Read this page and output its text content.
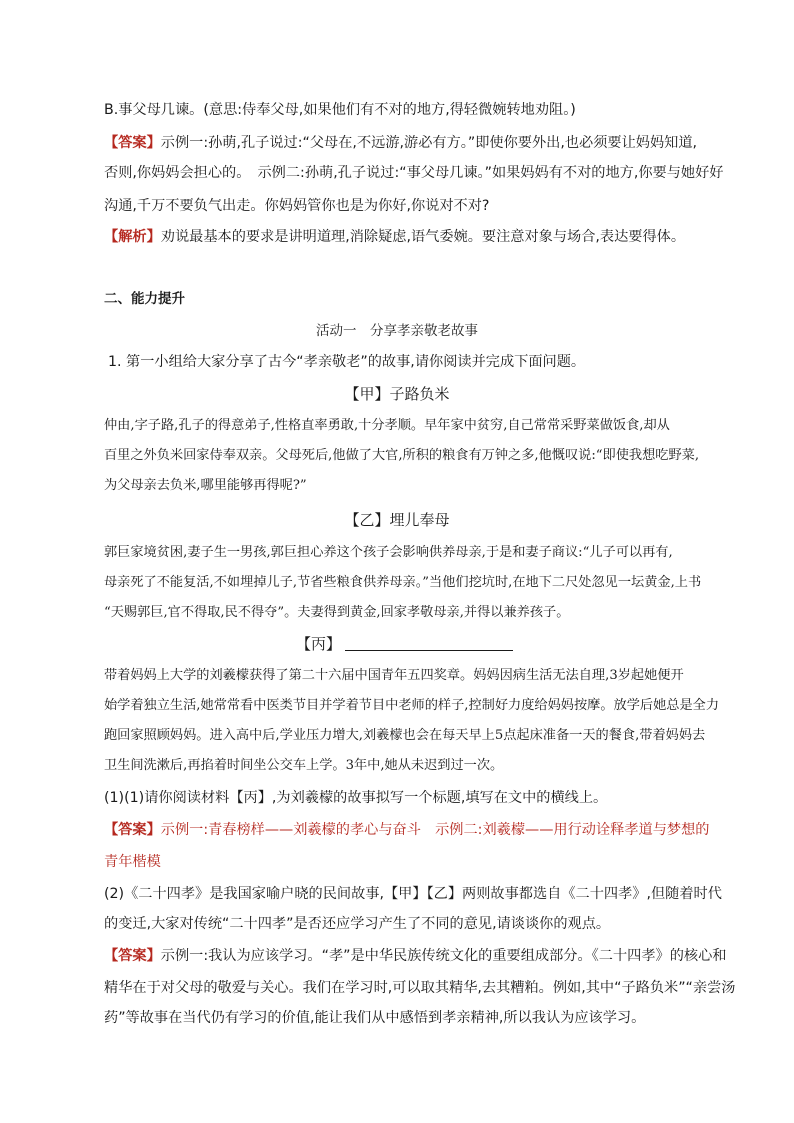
B.事父母几谏。(意思:侍奉父母,如果他们有不对的地方,得轻微婉转地劝阻。)
【答案】示例一:孙萌,孔子说过:“父母在,不远游,游必有方。”即使你要外出,也必须要让妈妈知道,
否则,你妈妈会担心的。　示例二:孙萌,孔子说过:“事父母几谏。”如果妈妈有不对的地方,你要与她好好
沟通,千万不要负气出走。你妈妈管你也是为你好,你说对不对?
【解析】劝说最基本的要求是讲明道理,消除疑虑,语气委婉。要注意对象与场合,表达要得体。
二、能力提升
活动一　分享孝亲敬老故事
1. 第一小组给大家分享了古今“孝亲敬老”的故事,请你阅读并完成下面问题。
【甲】子路负米
仲由,字子路,孔子的得意弟子,性格直率勇敢,十分孝顺。早年家中贫穷,自己常常采野菜做饭食,却从
百里之外负米回家侍奉双亲。父母死后,他做了大官,所积的粮食有万钟之多,他慨叹说:“即使我想吃野菜,
为父母亲去负米,哪里能够再得呢?”
【乙】埋儿奉母
郭巨家境贫困,妻子生一男孩,郭巨担心养这个孩子会影响供养母亲,于是和妻子商议:“儿子可以再有,
母亲死了不能复活,不如埋掉儿子,节省些粮食供养母亲。”当他们挖坑时,在地下二尺处忽见一坛黄金,上书
“天赐郭巨,官不得取,民不得夺”。夫妻得到黄金,回家孝敬母亲,并得以兼养孩子。
【丙】
带着妈妈上大学的刘羲檬获得了第二十六届中国青年五四奖章。妈妈因病生活无法自理,3岁起她便开
始学着独立生活,她常常看中医类节目并学着节目中老师的样子,控制好力度给妈妈按摩。放学后她总是全力
跑回家照顾妈妈。进入高中后,学业压力增大,刘羲檬也会在每天早上5点起床准备一天的餐食,带着妈妈去
卫生间洗漱后,再掐着时间坐公交车上学。3年中,她从未迟到过一次。
(1)(1)请你阅读材料【丙】,为刘羲檬的故事拟写一个标题,填写在文中的横线上。
【答案】示例一:青春榜样——刘羲檬的孝心与奋斗　示例二:刘羲檬——用行动诠释孝道与梦想的
青年楷模
(2)《二十四孝》是我国家喻户晓的民间故事,【甲】【乙】两则故事都选自《二十四孝》,但随着时代
的变迁,大家对传统“二十四孝”是否还应学习产生了不同的意见,请谈谈你的观点。
【答案】示例一:我认为应该学习。“孝”是中华民族传统文化的重要组成部分。《二十四孝》的核心和
精华在于对父母的敬爱与关心。我们在学习时,可以取其精华,去其糟粕。例如,其中“子路负米”“亲尝汤
药”等故事在当代仍有学习的价值,能让我们从中感悟到孝亲精神,所以我认为应该学习。
